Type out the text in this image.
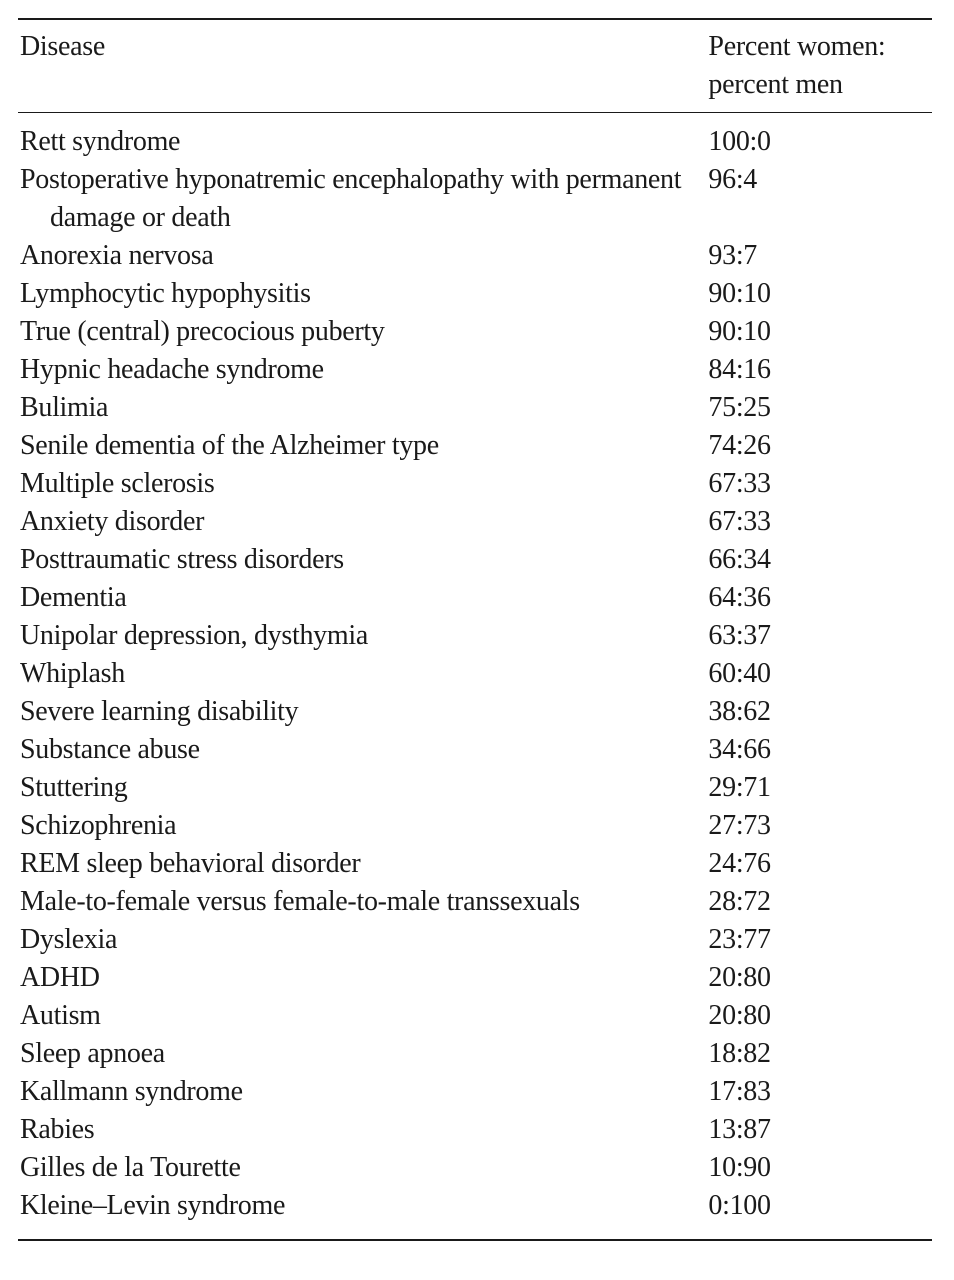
Disease	Percent women:
percent men

Rett syndrome	100:0

Postoperative hyponatremic encephalopathy with permanent damage or death	96:4

Anorexia nervosa	93:7

Lymphocytic hypophysitis	90:10

True (central) precocious puberty	90:10

Hypnic headache syndrome	84:16

Bulimia	75:25

Senile dementia of the Alzheimer type	74:26

Multiple sclerosis	67:33

Anxiety disorder	67:33

Posttraumatic stress disorders	66:34

Dementia	64:36

Unipolar depression, dysthymia	63:37

Whiplash	60:40

Severe learning disability	38:62

Substance abuse	34:66

Stuttering	29:71

Schizophrenia	27:73

REM sleep behavioral disorder	24:76

Male-to-female versus female-to-male transsexuals	28:72

Dyslexia	23:77

ADHD	20:80

Autism	20:80

Sleep apnoea	18:82

Kallmann syndrome	17:83

Rabies	13:87

Gilles de la Tourette	10:90

Kleine–Levin syndrome	0:100
